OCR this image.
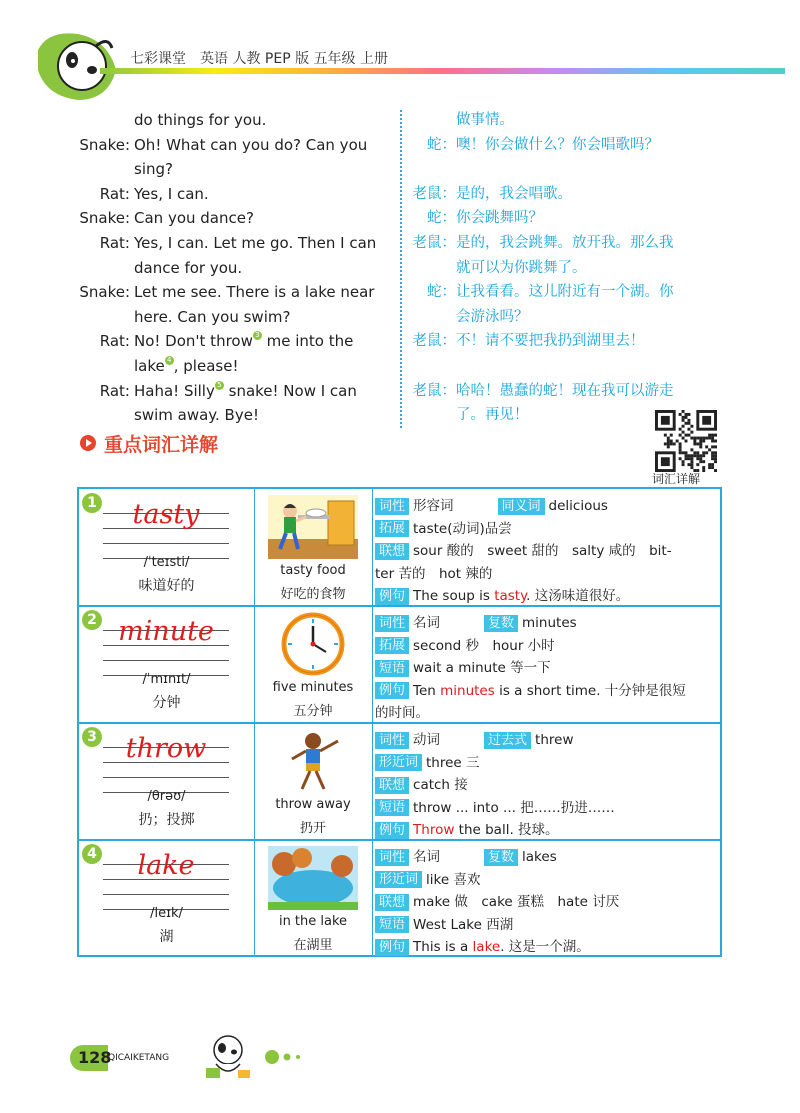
七彩课堂　英语 人教 PEP 版 五年级 上册
do things for you.
Snake: Oh! What can you do? Can you
sing?
Rat: Yes, I can.
Snake: Can you dance?
Rat: Yes, I can. Let me go. Then I can
dance for you.
Snake: Let me see. There is a lake near
here. Can you swim?
Rat: No! Don't throw $^3$ me into the
lake $^4$ , please!
Rat: Haha! Silly $^5$ snake! Now I can
swim away. Bye!
做事情。
蛇： 噢！你会做什么？你会唱歌吗？

老鼠： 是的，我会唱歌。
蛇： 你会跳舞吗？
老鼠： 是的，我会跳舞。放开我。那么我
就可以为你跳舞了。
蛇： 让我看看。这儿附近有一个湖。你
会游泳吗？
老鼠： 不！请不要把我扔到湖里去！

老鼠： 哈哈！愚蠢的蛇！现在我可以游走
了。再见！
重点词汇详解
词汇详解
1	tasty
/ˈteɪsti/
味道好的
tasty food
好吃的食物
词性 形容词	同义词 delicious
拓展 taste(动词)品尝
联想 sour 酸的　sweet 甜的　salty 咸的　bit-
ter 苦的　hot 辣的
例句 The soup is tasty. 这汤味道很好。
2 minute
/ˈmɪnɪt/
分钟
five minutes
五分钟
词性 名词	复数 minutes
拓展 second 秒　hour 小时
短语 wait a minute 等一下
例句 Ten minutes is a short time. 十分钟是很短
的时间。
3	throw
/θrəʊ/
扔；投掷
throw away
扔开
词性 动词	过去式 threw
形近词 three 三
联想 catch 接
短语 throw ... into ... 把……扔进……
例句 Throw the ball. 投球。
4	lake
/leɪk/
湖
in the lake
在湖里
词性 名词	复数 lakes
形近词 like 喜欢
联想 make 做　cake 蛋糕　hate 讨厌
短语 West Lake 西湖
例句 This is a lake. 这是一个湖。
128
QICAIKETANG
